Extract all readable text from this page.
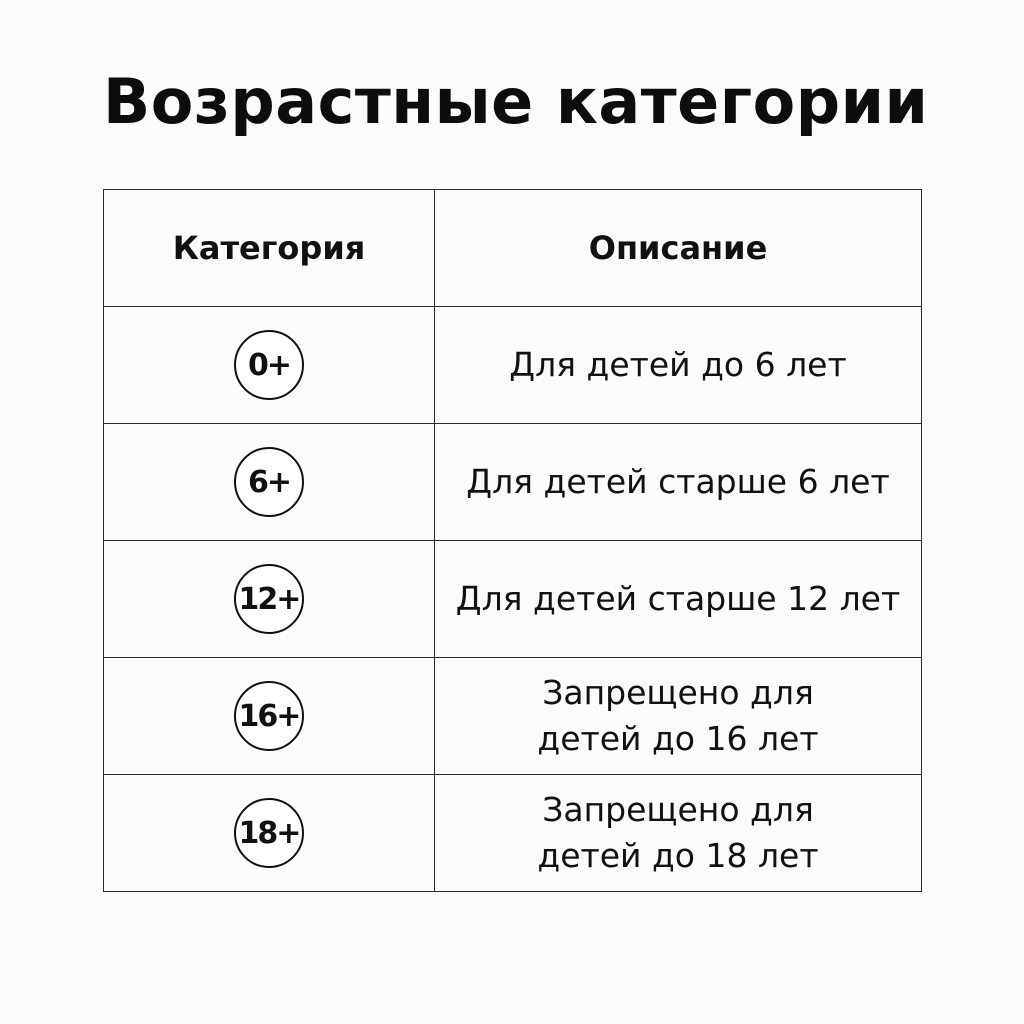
Возрастные категории
Категория	Описание
0+	Для детей до 6 лет
6+	Для детей старше 6 лет
12+	Для детей старше 12 лет
16+	Запрещено для детей до 16 лет
18+	Запрещено для детей до 18 лет
